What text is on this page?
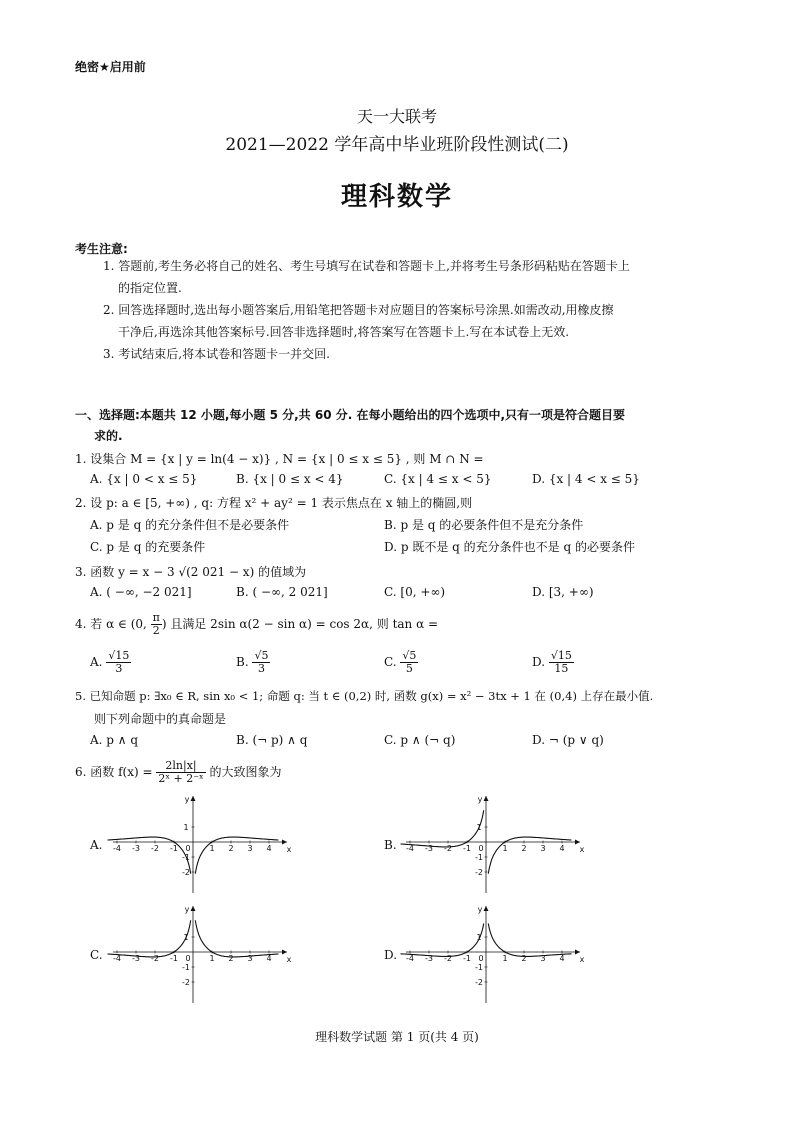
绝密★启用前
天一大联考
2021—2022 学年高中毕业班阶段性测试(二)
理科数学
考生注意:
1. 答题前,考生务必将自己的姓名、考生号填写在试卷和答题卡上,并将考生号条形码粘贴在答题卡上
的指定位置.
2. 回答选择题时,选出每小题答案后,用铅笔把答题卡对应题目的答案标号涂黑.如需改动,用橡皮擦
干净后,再选涂其他答案标号.回答非选择题时,将答案写在答题卡上.写在本试卷上无效.
3. 考试结束后,将本试卷和答题卡一并交回.
一、选择题:本题共 12 小题,每小题 5 分,共 60 分. 在每小题给出的四个选项中,只有一项是符合题目要
求的.
1. 设集合 M = {x | y = ln(4 − x)} , N = {x | 0 ≤ x ≤ 5} , 则 M ∩ N =
A. {x | 0 < x ≤ 5}	B. {x | 0 ≤ x < 4}	C. {x | 4 ≤ x < 5}	D. {x | 4 < x ≤ 5}
2. 设 p: a ∈ [5, +∞) , q: 方程 x² + ay² = 1 表示焦点在 x 轴上的椭圆,则
A. p 是 q 的充分条件但不是必要条件	B. p 是 q 的必要条件但不是充分条件
C. p 是 q 的充要条件	D. p 既不是 q 的充分条件也不是 q 的必要条件
3. 函数 y = x − 3 √(2 021 − x) 的值域为
A. ( −∞, −2 021]	B. ( −∞, 2 021]	C. [0, +∞)	D. [3, +∞)
4. 若 α ∈ (0, $\frac{\pi}{2}$ ) 且满足 2sin α(2 − sin α) = cos 2α, 则 tan α =
A. $\frac{√15}{3}$	B. $\frac{√5}{3}$	C. $\frac{√5}{5}$	D. $\frac{√15}{15}$
5. 已知命题 p: ∃x₀ ∈ R, sin x₀ < 1; 命题 q: 当 t ∈ (0,2) 时, 函数 g(x) = x² − 3tx + 1 在 (0,4) 上存在最小值.
则下列命题中的真命题是
A. p ∧ q	B. (¬ p) ∧ q	C. p ∧ (¬ q)	D. ¬ (p ∨ q)
6. 函数 $f(x) = \frac{2\ln|x|}{\text{2ˣ + 2⁻ˣ}}$ 的大致图象为
A.	B.
C.	D.
x
y
0
-4 -3 -2 -1	1 2 3 4
1
-1
-2
x
y
0
-4 -3 -2 -1	1 2 3 4
1
-1
-2
x
y
0
-4 -3 -2 -1	1 2 3 4
1
-1
-2
x
y
0
-4 -3 -2 -1	1 2 3 4
1
-1
-2
理科数学试题 第 1 页(共 4 页)
